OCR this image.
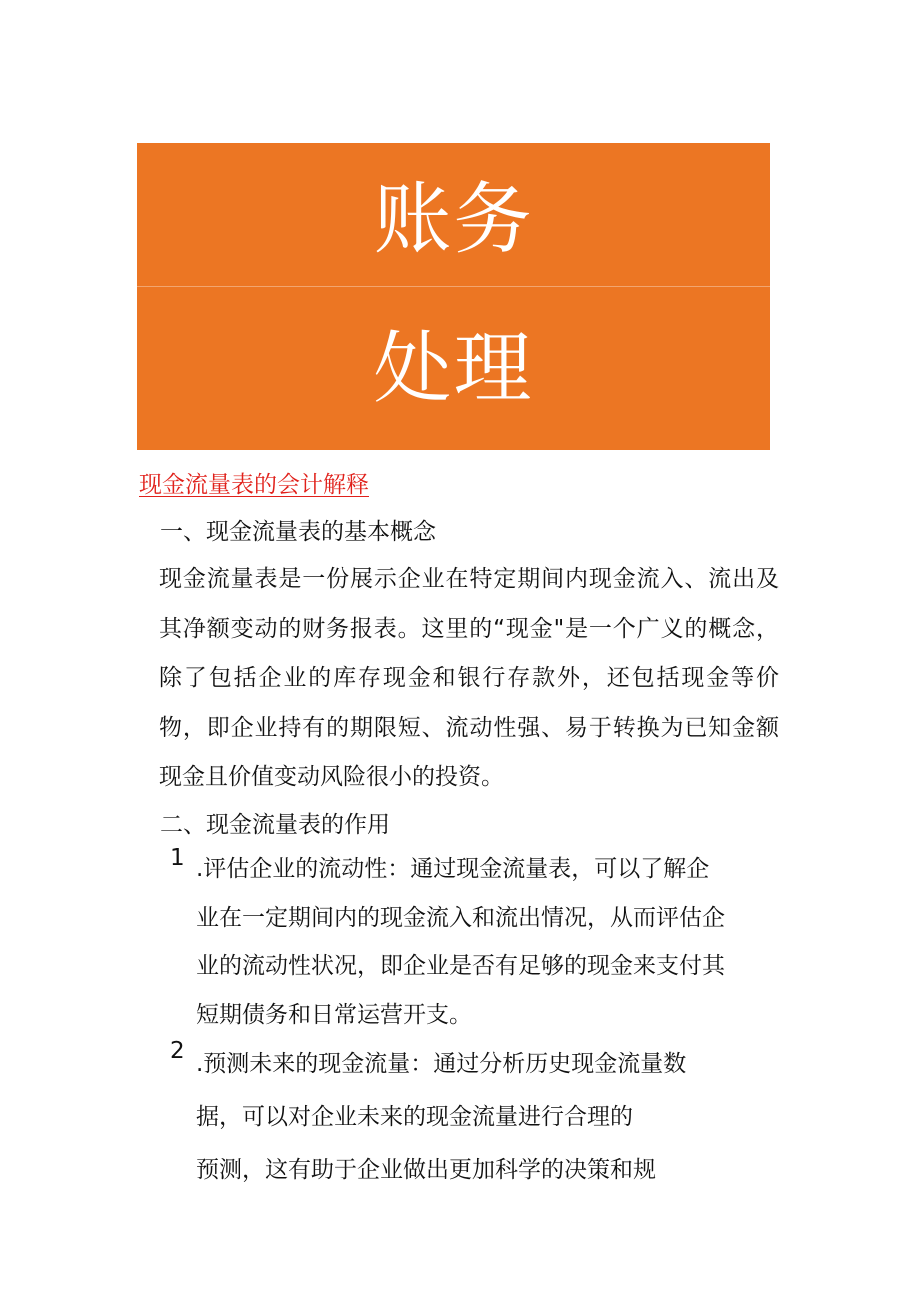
账务
处理
现金流量表的会计解释
一、现金流量表的基本概念
现金流量表是一份展示企业在特定期间内现金流入、流出及其净额变动的财务报表。这里的“现金"是一个广义的概念，除了包括企业的库存现金和银行存款外，还包括现金等价物，即企业持有的期限短、流动性强、易于转换为已知金额现金且价值变动风险很小的投资。
二、现金流量表的作用
1 .评估企业的流动性：通过现金流量表，可以了解企
业在一定期间内的现金流入和流出情况，从而评估企
业的流动性状况，即企业是否有足够的现金来支付其
短期债务和日常运营开支。
2 .预测未来的现金流量：通过分析历史现金流量数
据，可以对企业未来的现金流量进行合理的
预测，这有助于企业做出更加科学的决策和规
